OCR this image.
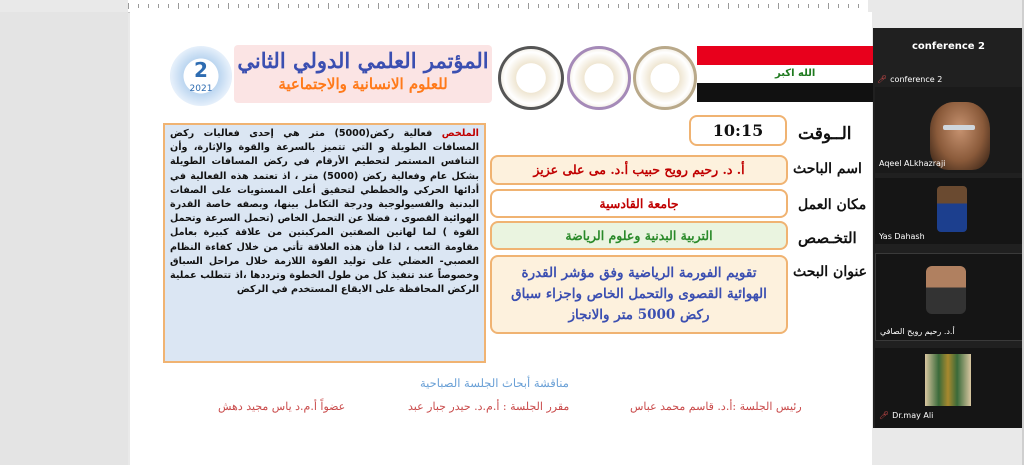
الله اكبر
المؤتمر العلمي الدولي الثاني
للعلوم الانسانية والاجتماعية
2
2021
الــوقت
اسم الباحث
مكان العمل
التخـصص
عنوان البحث
10:15
أ. د. رحيم رويح حبيب أ.د. مى على عزيز
جامعة القادسية
التربية البدنية وعلوم الرياضة
تقويم الفورمة الرياضية وفق مؤشر القدرة الهوائية القصوى والتحمل الخاص واجزاء سباق ركض 5000 متر والانجاز
الملخص فعالية ركض(5000) متر هي إحدى فعاليات ركض المسافات الطويلة و التي تتميز بالسرعة والقوة والإثارة، وأن التنافس المستمر لتحطيم الأرقام في ركض المسافات الطويلة بشكل عام وفعالية ركض (5000) متر ، اذ تعتمد هذه الفعالية في أدائها الحركي والخططي لتحقيق أعلى المستويات على الصفات البدنية والفسيولوجية ودرجة التكامل بينها، وبصفه خاصة القدرة الهوائية القصوى ، فضلا عن التحمل الخاص (تحمل السرعة وتحمل القوة ) لما لهاتين الصفتين المركبتين من علاقة كبيرة بعامل مقاومة التعب ، لذا فأن هذه العلاقة تأتي من خلال كفاءة النظام العصبي- العضلي على توليد القوة اللازمة خلال مراحل السباق وخصوصاً عند تنفيذ كل من طول الخطوة وترددها ،اذ تتطلب عملية الركض المحافظة على الايقاع المستخدم في الركض
مناقشة أبحاث الجلسة الصباحية
رئيس الجلسة :أ.د. قاسم محمد عباس
مقرر الجلسة : أ.م.د. حيدر جبار عبد
عضواً أ.م.د ياس مجيد دهش
conference 2
🎤︎ conference 2
Aqeel ALkhazraji
Yas Dahash
أ.د. رحيم رويح الصافي
🎤︎ Dr.may Ali
